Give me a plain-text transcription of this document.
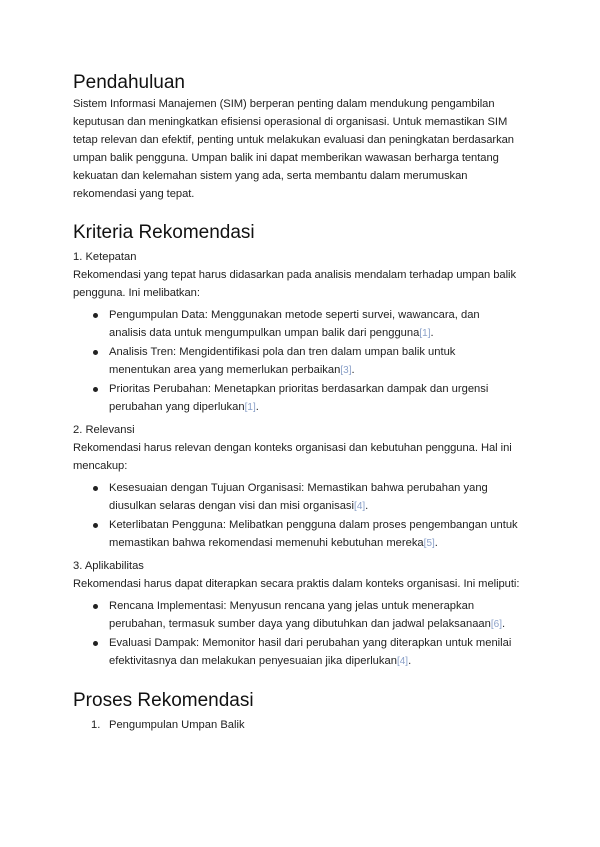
Pendahuluan

Sistem Informasi Manajemen (SIM) berperan penting dalam mendukung pengambilan keputusan dan meningkatkan efisiensi operasional di organisasi. Untuk memastikan SIM tetap relevan dan efektif, penting untuk melakukan evaluasi dan peningkatan berdasarkan umpan balik pengguna. Umpan balik ini dapat memberikan wawasan berharga tentang kekuatan dan kelemahan sistem yang ada, serta membantu dalam merumuskan rekomendasi yang tepat.

Kriteria Rekomendasi
1. Ketepatan

Rekomendasi yang tepat harus didasarkan pada analisis mendalam terhadap umpan balik pengguna. Ini melibatkan:

Pengumpulan Data: Menggunakan metode seperti survei, wawancara, dan analisis data untuk mengumpulkan umpan balik dari pengguna[1].
Analisis Tren: Mengidentifikasi pola dan tren dalam umpan balik untuk menentukan area yang memerlukan perbaikan[3].
Prioritas Perubahan: Menetapkan prioritas berdasarkan dampak dan urgensi perubahan yang diperlukan[1].
2. Relevansi

Rekomendasi harus relevan dengan konteks organisasi dan kebutuhan pengguna. Hal ini mencakup:

Kesesuaian dengan Tujuan Organisasi: Memastikan bahwa perubahan yang diusulkan selaras dengan visi dan misi organisasi[4].
Keterlibatan Pengguna: Melibatkan pengguna dalam proses pengembangan untuk memastikan bahwa rekomendasi memenuhi kebutuhan mereka[5].
3. Aplikabilitas

Rekomendasi harus dapat diterapkan secara praktis dalam konteks organisasi. Ini meliputi:

Rencana Implementasi: Menyusun rencana yang jelas untuk menerapkan perubahan, termasuk sumber daya yang dibutuhkan dan jadwal pelaksanaan[6].
Evaluasi Dampak: Memonitor hasil dari perubahan yang diterapkan untuk menilai efektivitasnya dan melakukan penyesuaian jika diperlukan[4].
Proses Rekomendasi
1. Pengumpulan Umpan Balik
